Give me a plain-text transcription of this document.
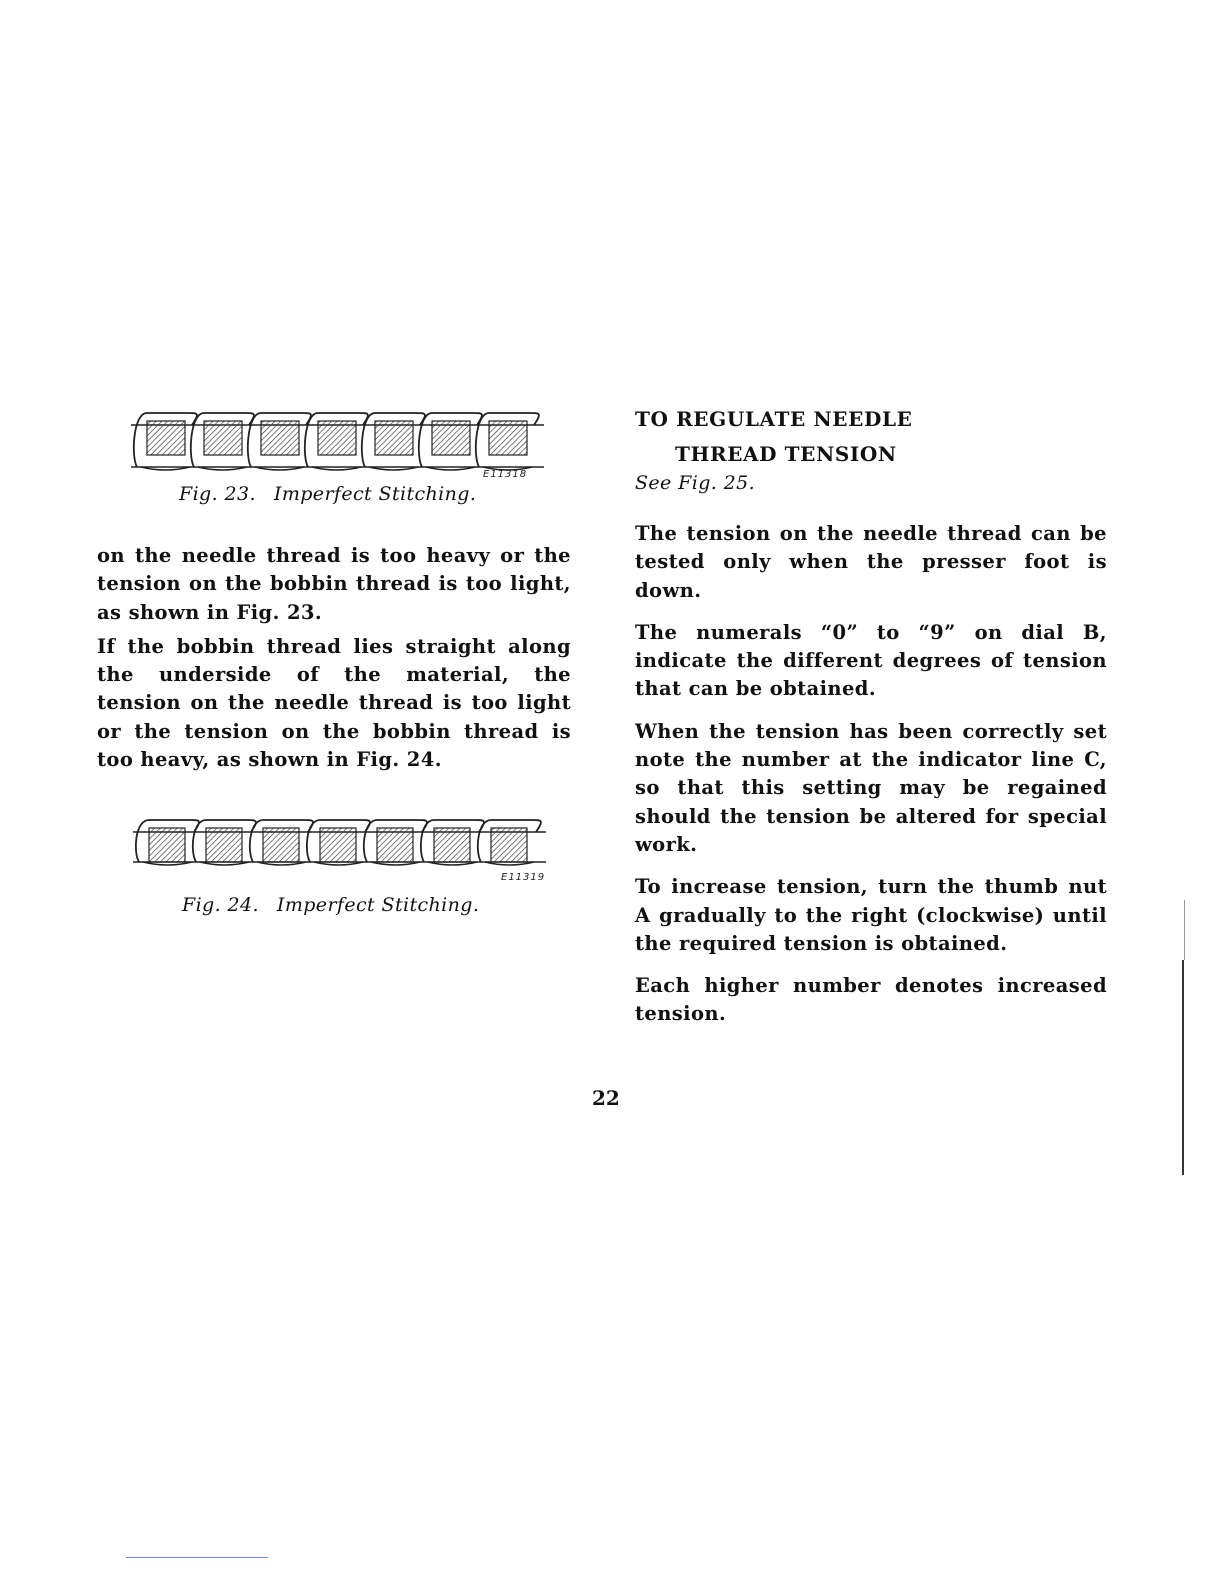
E11318

Fig. 23. Imperfect Stitching.

on the needle thread is too heavy or the tension on the bobbin thread is too light, as shown in Fig. 23.

If the bobbin thread lies straight along the underside of the material, the tension on the needle thread is too light or the tension on the bobbin thread is too heavy, as shown in Fig. 24.

E11319

Fig. 24. Imperfect Stitching.

TO REGULATE NEEDLE
THREAD TENSION

See Fig. 25.

The tension on the needle thread can be tested only when the presser foot is down.

The numerals “0” to “9” on dial B, indicate the different degrees of tension that can be obtained.

When the tension has been correctly set note the number at the indicator line C, so that this setting may be regained should the tension be altered for special work.

To increase tension, turn the thumb nut A gradually to the right (clockwise) until the required tension is obtained.

Each higher number denotes increased tension.

22
